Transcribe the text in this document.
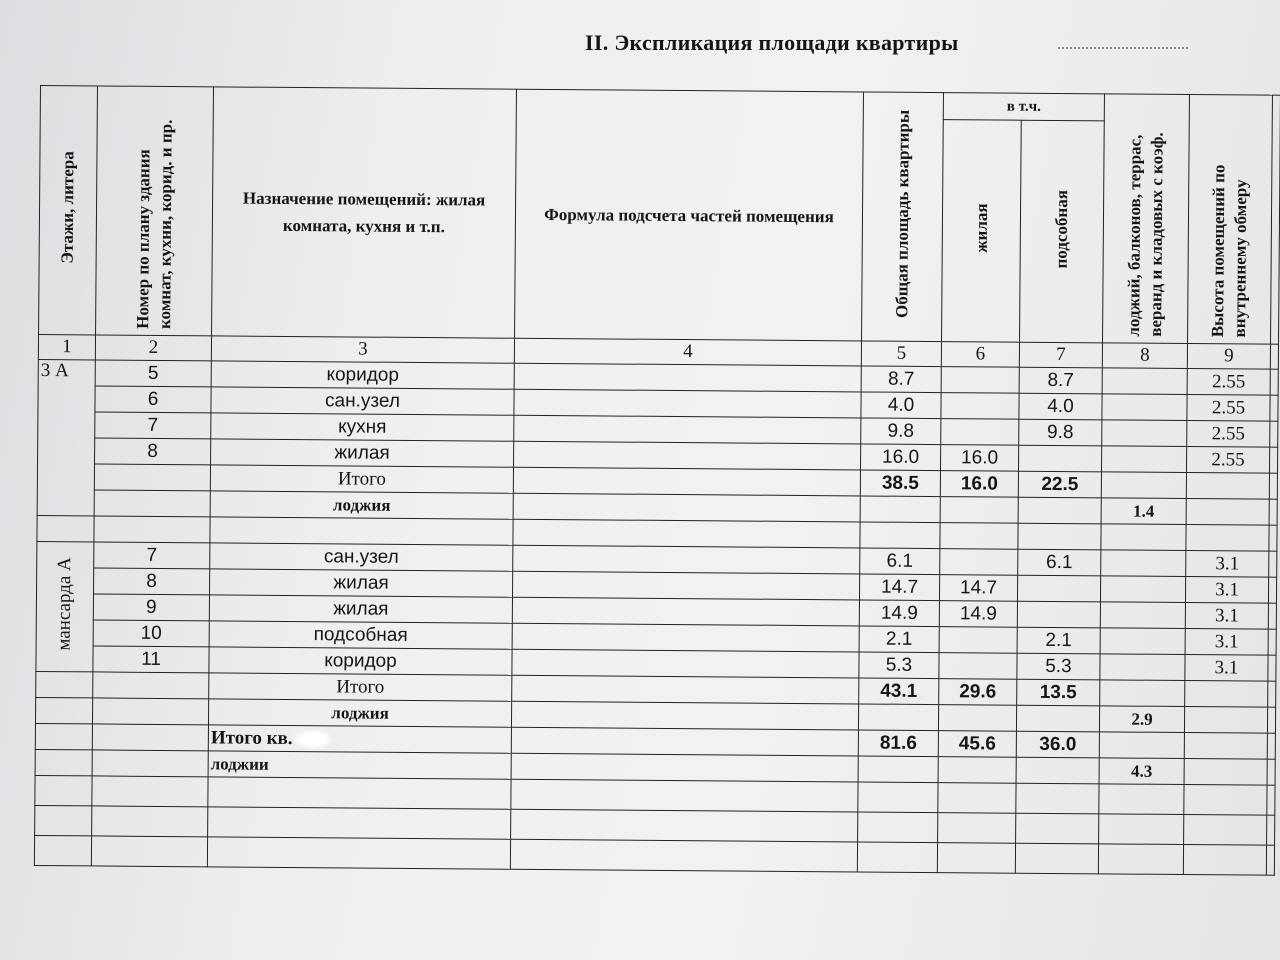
II. Экспликация площади квартиры
Этажи, литера	Номер по плану здания комнат, кухни, корид. и пр.	Назначение помещений: жилая комната, кухня и т.п.	Формула подсчета частей помещения	Общая площадь квартиры	в т.ч.		лоджий, балконов, террас, веранд и кладовых с коэф.	Высота помещений по внутреннему обмеру	
					жилая	подсобная			
1	2	3	4	5	6	7	8	9	
3 А	5	коридор		8.7		8.7		2.55	
	6	сан.узел		4.0		4.0		2.55	
	7	кухня		9.8		9.8		2.55	
	8	жилая		16.0	16.0			2.55	
		Итого		38.5	16.0	22.5			
		лоджия					1.4		

мансарда А	7	сан.узел		6.1		6.1		3.1	
	8	жилая		14.7	14.7			3.1	
	9	жилая		14.9	14.9			3.1	
	10	подсобная		2.1		2.1		3.1	
	11	коридор		5.3		5.3		3.1	
		Итого		43.1	29.6	13.5			
		лоджия					2.9		
		Итого кв.		81.6	45.6	36.0			
		лоджии					4.3		
